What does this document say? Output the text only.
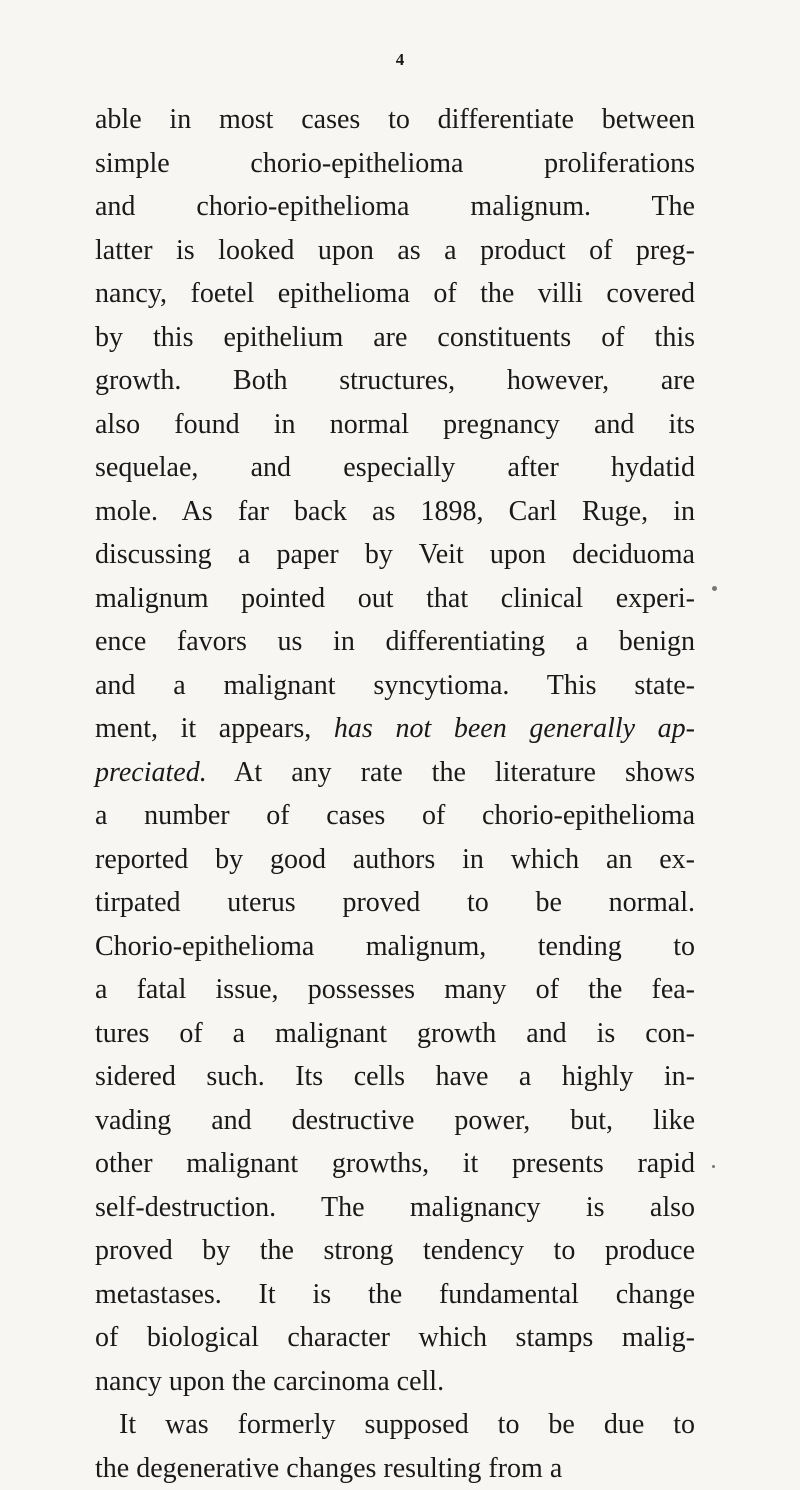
4
able in most cases to differentiate between
simple chorio-epithelioma proliferations
and chorio-epithelioma malignum. The
latter is looked upon as a product of preg-
nancy, foetel epithelioma of the villi covered
by this epithelium are constituents of this
growth. Both structures, however, are
also found in normal pregnancy and its
sequelae, and especially after hydatid
mole. As far back as 1898, Carl Ruge, in
discussing a paper by Veit upon deciduoma
malignum pointed out that clinical experi-
ence favors us in differentiating a benign
and a malignant syncytioma. This state-
ment, it appears, has not been generally ap-
preciated. At any rate the literature shows
a number of cases of chorio-epithelioma
reported by good authors in which an ex-
tirpated uterus proved to be normal.
Chorio-epithelioma malignum, tending to
a fatal issue, possesses many of the fea-
tures of a malignant growth and is con-
sidered such. Its cells have a highly in-
vading and destructive power, but, like
other malignant growths, it presents rapid
self-destruction. The malignancy is also
proved by the strong tendency to produce
metastases. It is the fundamental change
of biological character which stamps malig-
nancy upon the carcinoma cell.
It was formerly supposed to be due to
the degenerative changes resulting from a
